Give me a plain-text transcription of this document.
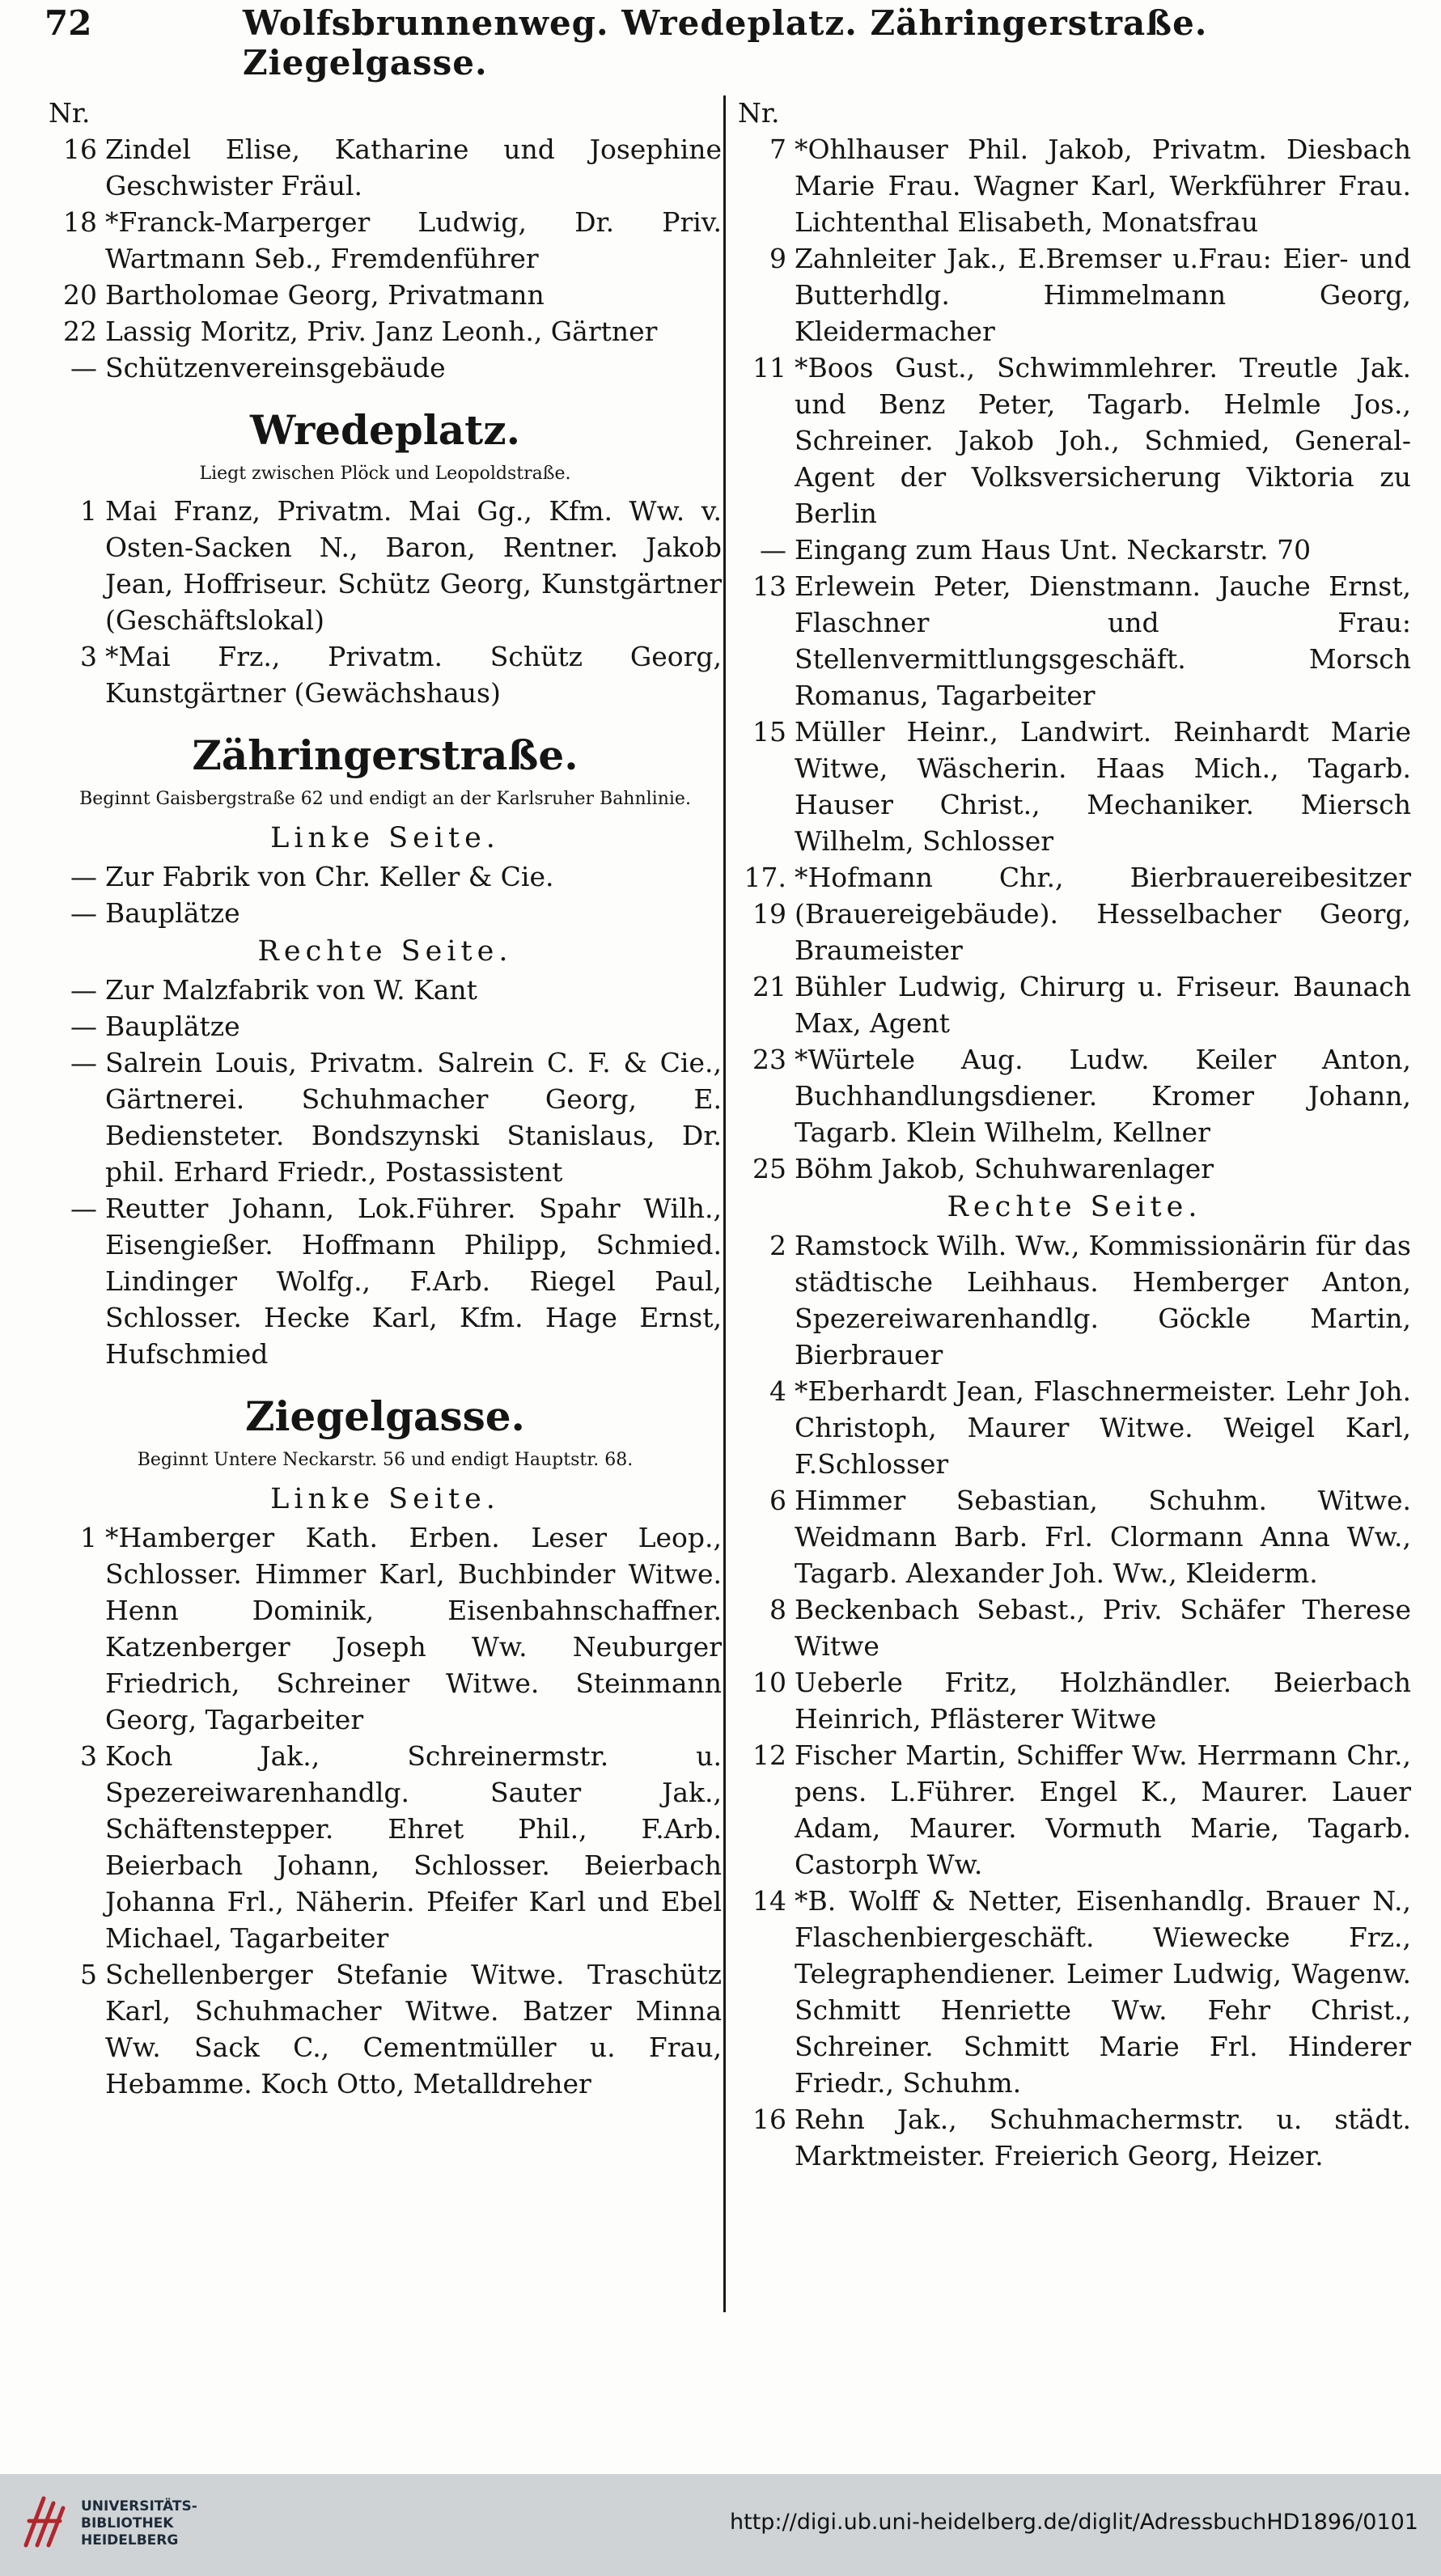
72	Wolfsbrunnenweg. Wredeplatz. Zähringerstraße. Ziegelgasse.
Nr.
16 Zindel Elise, Katharine und Josephine Geschwister Fräul.
18 *Franck-Marperger Ludwig, Dr. Priv. Wartmann Seb., Fremdenführer
20 Bartholomae Georg, Privatmann
22 Lassig Moritz, Priv. Janz Leonh., Gärtner
— Schützenvereinsgebäude
Wredeplatz.
Liegt zwischen Plöck und Leopoldstraße.
1 Mai Franz, Privatm. Mai Gg., Kfm. Ww. v. Osten-Sacken N., Baron, Rentner. Jakob Jean, Hoffriseur. Schütz Georg, Kunstgärtner (Geschäftslokal)
3 *Mai Frz., Privatm. Schütz Georg, Kunstgärtner (Gewächshaus)
Zähringerstraße.
Beginnt Gaisbergstraße 62 und endigt an der Karlsruher Bahnlinie.
Linke Seite.
— Zur Fabrik von Chr. Keller & Cie.
— Bauplätze
Rechte Seite.
— Zur Malzfabrik von W. Kant
— Bauplätze
— Salrein Louis, Privatm. Salrein C. F. & Cie., Gärtnerei. Schuhmacher Georg, E. Bediensteter. Bondszynski Stanislaus, Dr. phil. Erhard Friedr., Postassistent
— Reutter Johann, Lok.Führer. Spahr Wilh., Eisengießer. Hoffmann Philipp, Schmied. Lindinger Wolfg., F.Arb. Riegel Paul, Schlosser. Hecke Karl, Kfm. Hage Ernst, Hufschmied
Ziegelgasse.
Beginnt Untere Neckarstr. 56 und endigt Hauptstr. 68.
Linke Seite.
1 *Hamberger Kath. Erben. Leser Leop., Schlosser. Himmer Karl, Buchbinder Witwe. Henn Dominik, Eisenbahnschaffner. Katzenberger Joseph Ww. Neuburger Friedrich, Schreiner Witwe. Steinmann Georg, Tagarbeiter
3 Koch Jak., Schreinermstr. u. Spezereiwarenhandlg. Sauter Jak., Schäftenstepper. Ehret Phil., F.Arb. Beierbach Johann, Schlosser. Beierbach Johanna Frl., Näherin. Pfeifer Karl und Ebel Michael, Tagarbeiter
5 Schellenberger Stefanie Witwe. Traschütz Karl, Schuhmacher Witwe. Batzer Minna Ww. Sack C., Cementmüller u. Frau, Hebamme. Koch Otto, Metalldreher
Nr.
7 *Ohlhauser Phil. Jakob, Privatm. Diesbach Marie Frau. Wagner Karl, Werkführer Frau. Lichtenthal Elisabeth, Monatsfrau
9 Zahnleiter Jak., E.Bremser u.Frau: Eier- und Butterhdlg. Himmelmann Georg, Kleidermacher
11 *Boos Gust., Schwimmlehrer. Treutle Jak. und Benz Peter, Tagarb. Helmle Jos., Schreiner. Jakob Joh., Schmied, General-Agent der Volksversicherung Viktoria zu Berlin
— Eingang zum Haus Unt. Neckarstr. 70
13 Erlewein Peter, Dienstmann. Jauche Ernst, Flaschner und Frau: Stellenvermittlungsgeschäft. Morsch Romanus, Tagarbeiter
15 Müller Heinr., Landwirt. Reinhardt Marie Witwe, Wäscherin. Haas Mich., Tagarb. Hauser Christ., Mechaniker. Miersch Wilhelm, Schlosser
17. 19
*Hofmann Chr., Bierbrauereibesitzer (Brauereigebäude). Hesselbacher Georg, Braumeister
21 Bühler Ludwig, Chirurg u. Friseur. Baunach Max, Agent
23 *Würtele Aug. Ludw. Keiler Anton, Buchhandlungsdiener. Kromer Johann, Tagarb. Klein Wilhelm, Kellner
25 Böhm Jakob, Schuhwarenlager
Rechte Seite.
2 Ramstock Wilh. Ww., Kommissionärin für das städtische Leihhaus. Hemberger Anton, Spezereiwarenhandlg. Göckle Martin, Bierbrauer
4 *Eberhardt Jean, Flaschnermeister. Lehr Joh. Christoph, Maurer Witwe. Weigel Karl, F.Schlosser
6 Himmer Sebastian, Schuhm. Witwe. Weidmann Barb. Frl. Clormann Anna Ww., Tagarb. Alexander Joh. Ww., Kleiderm.
8 Beckenbach Sebast., Priv. Schäfer Therese Witwe
10 Ueberle Fritz, Holzhändler. Beierbach Heinrich, Pflästerer Witwe
12 Fischer Martin, Schiffer Ww. Herrmann Chr., pens. L.Führer. Engel K., Maurer. Lauer Adam, Maurer. Vormuth Marie, Tagarb. Castorph Ww.
14 *B. Wolff & Netter, Eisenhandlg. Brauer N., Flaschenbiergeschäft. Wiewecke Frz., Telegraphendiener. Leimer Ludwig, Wagenw. Schmitt Henriette Ww. Fehr Christ., Schreiner. Schmitt Marie Frl. Hinderer Friedr., Schuhm.
16 Rehn Jak., Schuhmachermstr. u. städt. Marktmeister. Freierich Georg, Heizer.
UNIVERSITÄTS-
BIBLIOTHEK
HEIDELBERG
http://digi.ub.uni-heidelberg.de/diglit/AdressbuchHD1896/0101
